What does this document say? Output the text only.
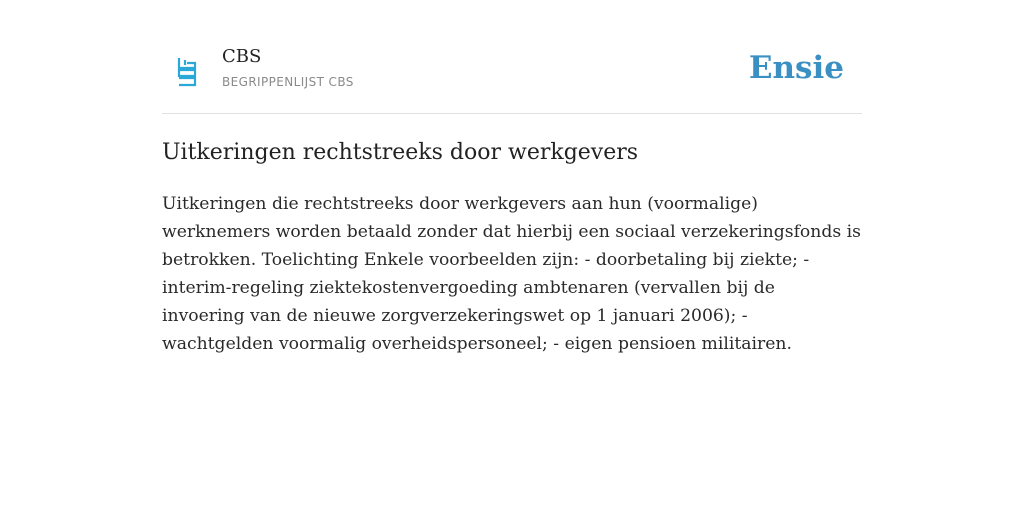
CBS
BEGRIPPENLIJST CBS	Ensie
Uitkeringen rechtstreeks door werkgevers

Uitkeringen die rechtstreeks door werkgevers aan hun (voormalige) werknemers worden betaald zonder dat hierbij een sociaal verzekeringsfonds is betrokken. Toelichting Enkele voorbeelden zijn: - doorbetaling bij ziekte; - interim-regeling ziektekostenvergoeding ambtenaren (vervallen bij de invoering van de nieuwe zorgverzekeringswet op 1 januari 2006); - wachtgelden voormalig overheidspersoneel; - eigen pensioen militairen.
